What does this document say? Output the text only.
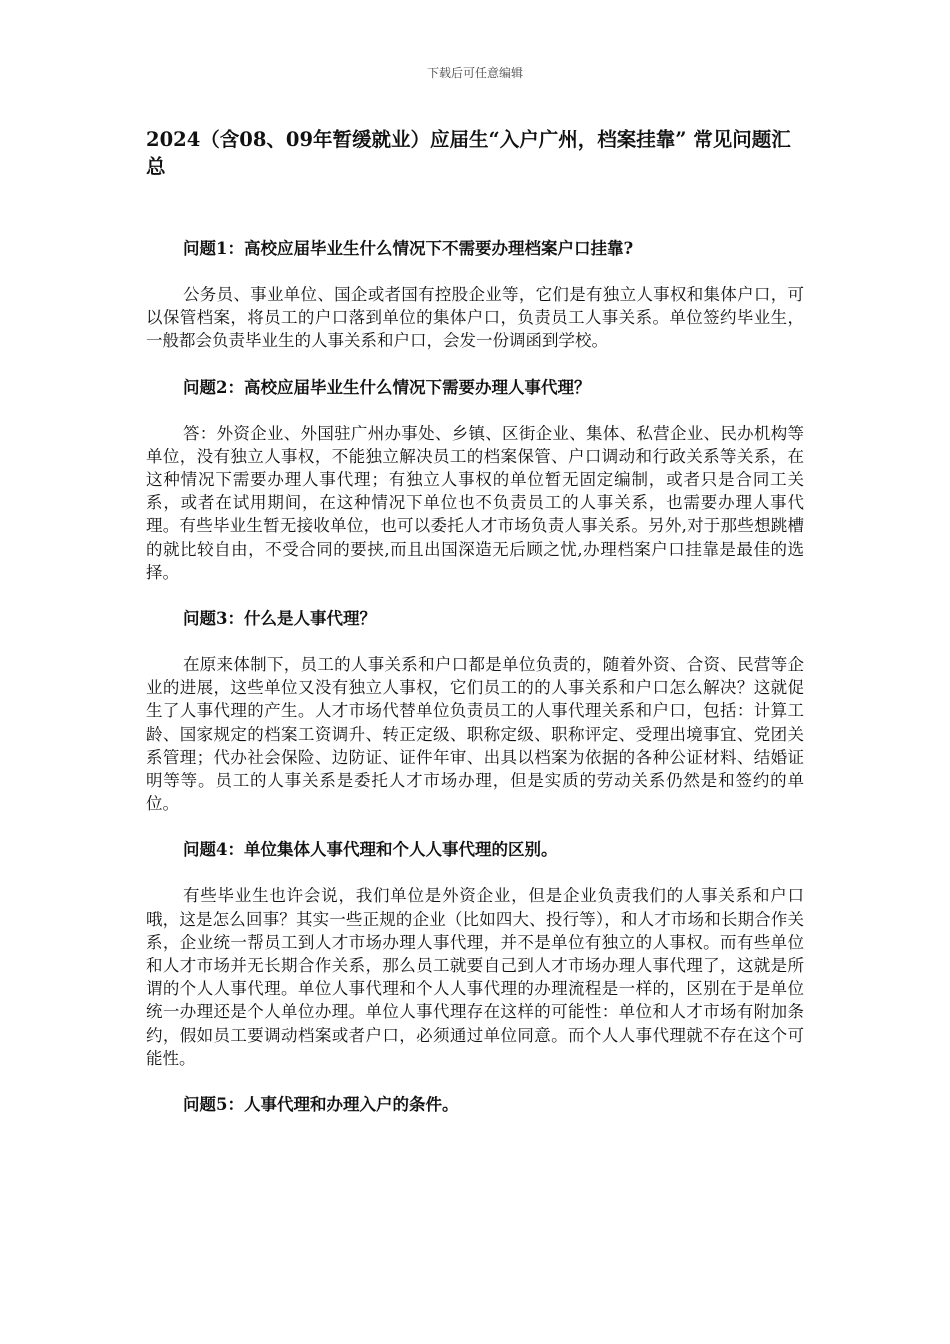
下载后可任意编辑
2024（含08、09年暂缓就业）应届生“入户广州，档案挂靠” 常见问题汇总

问题1：高校应届毕业生什么情况下不需要办理档案户口挂靠?

公务员、事业单位、国企或者国有控股企业等，它们是有独立人事权和集体户口，可以保管档案，将员工的户口落到单位的集体户口，负责员工人事关系。单位签约毕业生，一般都会负责毕业生的人事关系和户口，会发一份调函到学校。

问题2：高校应届毕业生什么情况下需要办理人事代理？

答：外资企业、外国驻广州办事处、乡镇、区街企业、集体、私营企业、民办机构等单位，没有独立人事权，不能独立解决员工的档案保管、户口调动和行政关系等关系，在这种情况下需要办理人事代理；有独立人事权的单位暂无固定编制，或者只是合同工关系，或者在试用期间，在这种情况下单位也不负责员工的人事关系，也需要办理人事代理。有些毕业生暂无接收单位，也可以委托人才市场负责人事关系。另外,对于那些想跳槽的就比较自由，不受合同的要挟,而且出国深造无后顾之忧,办理档案户口挂靠是最佳的选择。

问题3：什么是人事代理？

在原来体制下，员工的人事关系和户口都是单位负责的，随着外资、合资、民营等企业的进展，这些单位又没有独立人事权，它们员工的的人事关系和户口怎么解决？这就促生了人事代理的产生。人才市场代替单位负责员工的人事代理关系和户口，包括：计算工龄、国家规定的档案工资调升、转正定级、职称定级、职称评定、受理出境事宜、党团关系管理；代办社会保险、边防证、证件年审、出具以档案为依据的各种公证材料、结婚证明等等。员工的人事关系是委托人才市场办理，但是实质的劳动关系仍然是和签约的单位。

问题4：单位集体人事代理和个人人事代理的区别。

有些毕业生也许会说，我们单位是外资企业，但是企业负责我们的人事关系和户口哦，这是怎么回事？其实一些正规的企业（比如四大、投行等），和人才市场和长期合作关系，企业统一帮员工到人才市场办理人事代理，并不是单位有独立的人事权。而有些单位和人才市场并无长期合作关系，那么员工就要自己到人才市场办理人事代理了，这就是所谓的个人人事代理。单位人事代理和个人人事代理的办理流程是一样的，区别在于是单位统一办理还是个人单位办理。单位人事代理存在这样的可能性：单位和人才市场有附加条约，假如员工要调动档案或者户口，必须通过单位同意。而个人人事代理就不存在这个可能性。

问题5：人事代理和办理入户的条件。
